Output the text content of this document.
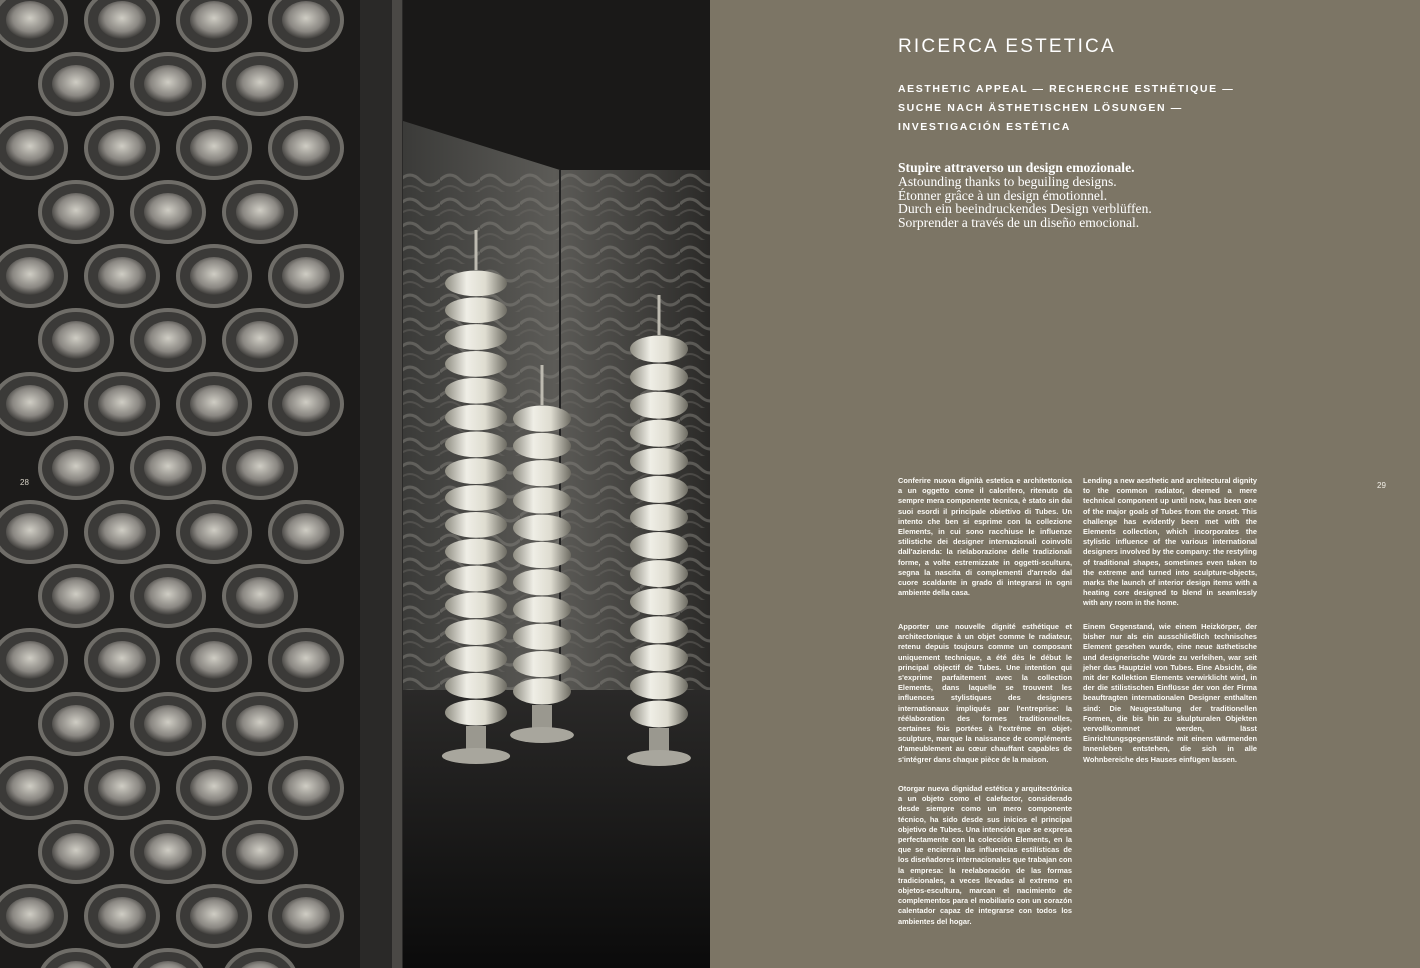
28
RICERCA ESTETICA
AESTHETIC APPEAL — RECHERCHE ESTHÉTIQUE —
SUCHE NACH ÄSTHETISCHEN LÖSUNGEN —
INVESTIGACIÓN ESTÉTICA
Stupire attraverso un design emozionale.
Astounding thanks to beguiling designs.
Étonner grâce à un design émotionnel.
Durch ein beeindruckendes Design verblüffen.
Sorprender a través de un diseño emocional.
29
Conferire nuova dignità estetica e architettonica a un oggetto come il calorifero, ritenuto da sempre mera componente tecnica, è stato sin dai suoi esordi il principale obiettivo di Tubes. Un intento che ben si esprime con la collezione Elements, in cui sono racchiuse le influenze stilistiche dei designer internazionali coinvolti dall'azienda: la rielaborazione delle tradizionali forme, a volte estremizzate in oggetti-scultura, segna la nascita di complementi d'arredo dal cuore scaldante in grado di integrarsi in ogni ambiente della casa.
Lending a new aesthetic and architectural dignity to the common radiator, deemed a mere technical component up until now, has been one of the major goals of Tubes from the onset. This challenge has evidently been met with the Elements collection, which incorporates the stylistic influence of the various international designers involved by the company: the restyling of traditional shapes, sometimes even taken to the extreme and turned into sculpture-objects, marks the launch of interior design items with a heating core designed to blend in seamlessly with any room in the home.
Apporter une nouvelle dignité esthétique et architectonique à un objet comme le radiateur, retenu depuis toujours comme un composant uniquement technique, a été dès le début le principal objectif de Tubes. Une intention qui s'exprime parfaitement avec la collection Elements, dans laquelle se trouvent les influences stylistiques des designers internationaux impliqués par l'entreprise: la réélaboration des formes traditionnelles, certaines fois portées à l'extrême en objet-sculpture, marque la naissance de compléments d'ameublement au cœur chauffant capables de s'intégrer dans chaque pièce de la maison.
Einem Gegenstand, wie einem Heizkörper, der bisher nur als ein ausschließlich technisches Element gesehen wurde, eine neue ästhetische und designerische Würde zu verleihen, war seit jeher das Hauptziel von Tubes. Eine Absicht, die mit der Kollektion Elements verwirklicht wird, in der die stilistischen Einflüsse der von der Firma beauftragten internationalen Designer enthalten sind: Die Neugestaltung der traditionellen Formen, die bis hin zu skulpturalen Objekten vervollkommnet werden, lässt Einrichtungsgegenstände mit einem wärmenden Innenleben entstehen, die sich in alle Wohnbereiche des Hauses einfügen lassen.
Otorgar nueva dignidad estética y arquitectónica a un objeto como el calefactor, considerado desde siempre como un mero componente técnico, ha sido desde sus inicios el principal objetivo de Tubes. Una intención que se expresa perfectamente con la colección Elements, en la que se encierran las influencias estilísticas de los diseñadores internacionales que trabajan con la empresa: la reelaboración de las formas tradicionales, a veces llevadas al extremo en objetos-escultura, marcan el nacimiento de complementos para el mobiliario con un corazón calentador capaz de integrarse con todos los ambientes del hogar.
